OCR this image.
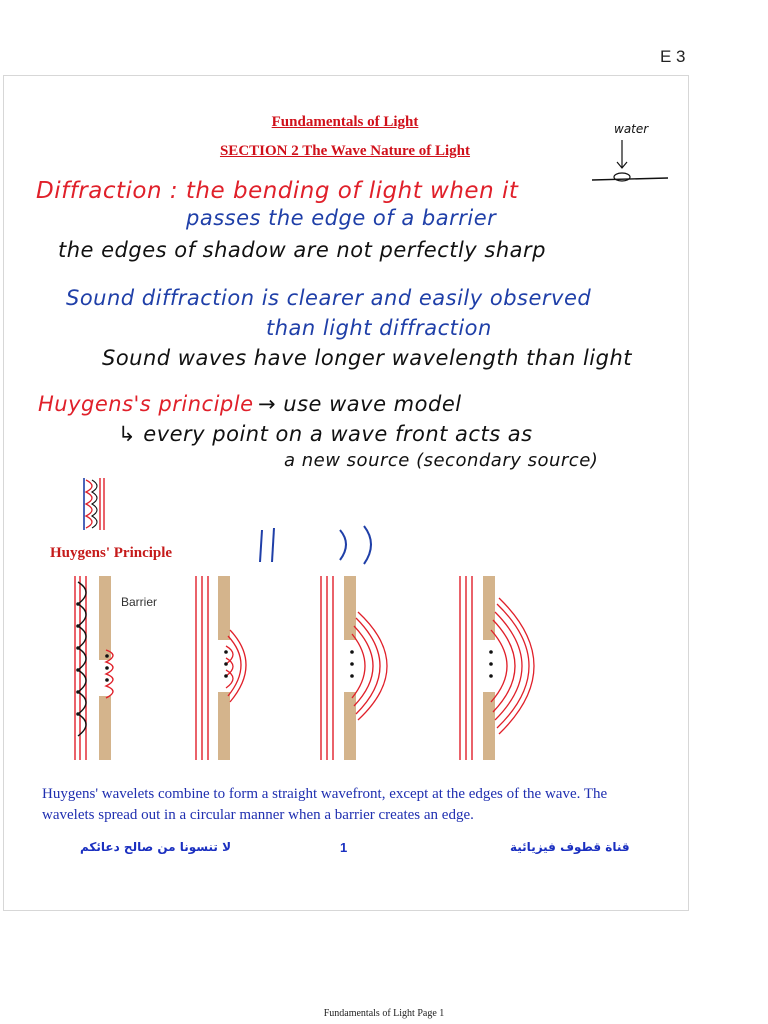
E 3
Fundamentals of Light
SECTION 2 The Wave Nature of Light
water
Diffraction : the bending of light when it
passes the edge of a barrier
the edges of shadow are not perfectly sharp
Sound diffraction is clearer and easily observed
than light diffraction
Sound waves have longer wavelength than light
Huygens's principle → use wave model
↳ every point on a wave front acts as
a new source (secondary source)
Huygens' Principle
Barrier
Huygens' wavelets combine to form a straight wavefront, except at the edges of the wave. The wavelets spread out in a circular manner when a barrier creates an edge.
لا تنسونا من صالح دعائكم	1	قناة قطوف فيزيائية
Fundamentals of Light Page 1
